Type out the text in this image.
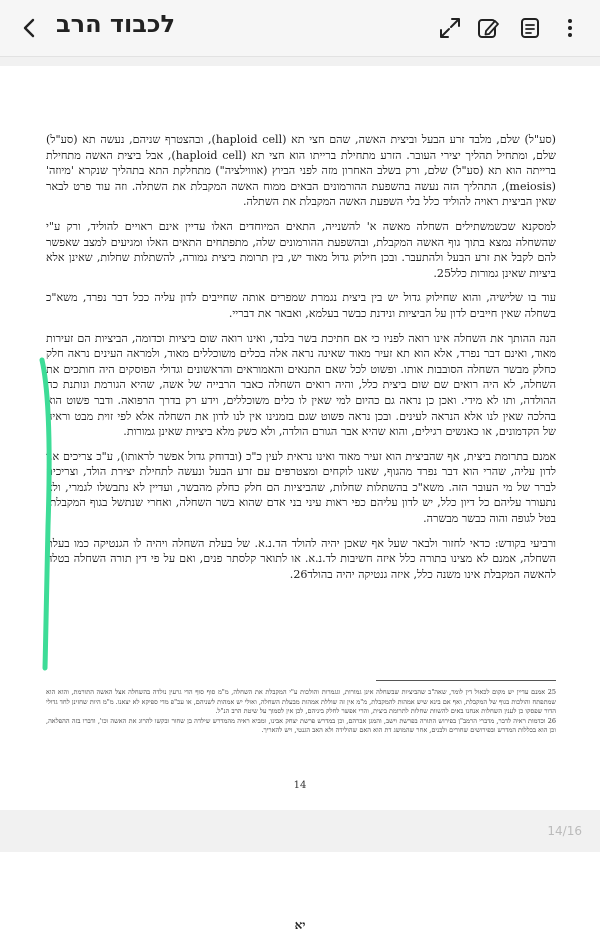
לכבוד הרב

(סע"ל) שלם, מלבד זרע הבעל וביצית האשה, שהם חצי תא (haploid cell), ובהצטרף שניהם, נעשה תא (סע"ל) שלם, ומתחיל תהליך יצירי העובר. הזרע מתחילת ברייתו הוא חצי תא (haploid cell), אבל ביצית האשה מתחילת ברייתה הוא תא (סע"ל) שלם, ורק בשלב האחרון מזה לפני הביוץ (אוווילציה") מתחלקת התא בתהליך שנקרא 'מיוזה' (meiosis), התהליך הזה נעשה בהשפעת ההורמונים הבאים ממוח האשה המקבלת את השתלה. וזה עוד פרט לבאר שאין הביצית ראויה להוליד כלל בלי השפעת האשה המקבלת את השתלה.

למסקנא שכשמשתילים השחלה מאשה א' להשנייה, התאים המיוחדים האלו עדיין אינם ראויים להוליד, ורק ע"י שהשחלה נמצא בתוך גוף האשה המקבלת, ובהשפעת ההורמונים שלה, מתפתחים התאים האלו ומגיעים למצב שאפשר להם לקבל את זרע הבעל ולהתעבר. ובכן חילוק גדול מאוד יש, בין תרומת ביצית גמורה, להשתלות שחלות, שאינן אלא ביציות שאינן גמורות כלל25.

עוד בו שלישיה, והוא שחילוק גדול יש בין ביצית נגמרת שמפרים אותה שחייבים לדון עליה ככל דבר נפרד, משא"כ בשחלה שאין חייבים לדון על הביציות ונידנת כבשר בעלמא, ואבאר את דבריי.

הנה ההותך את השחלה אינו רואה לפניו כי אם חתיכת בשר בלבד, ואינו רואה שום ביציות וכדומה, הביציות הם זעירות מאוד, ואינם דבר נפרד, אלא הוא תא זעיר מאוד שאינה נראה אלה בכלים משוכללים מאוד, ולמראה העינים נראה חלק כחלק מבשר השחלה הסובבות אותו. ופשוט לכל שאם התנאים והאמוראים והראשונים וגדולי הפוסקים היה חותכים את השחלה, לא היה רואים שם שום ביצית כלל, והיה רואים השחלה כאבר הרבייה של אשה, שהיא הגורמת ונותנת כח ההולדה, ותו לא מידי. ואכן כן נראה גם כהיום למי שאין לו כלים משוכללים, וידע רק בדרך הרפואה. ודבר פשוט הוא בהלכה שאין לנו אלא הנראה לעינים. ובכן נראה פשוט שגם בזמנינו אין לנו לדון את השחלה אלא לפי זוית מבט וראיה של הקדמונים, או כאנשים רגילים, והוא שהיא אבר הגורם הולדה, ולא כשק מלא ביציות שאינן גמורות.

אמנם בתרומת ביצית, אף שהביצית הוא זעיר מאוד ואינו נראית לעין כ"כ (ובדוחק גדול אפשר לראותו), ע"כ צריכים אנו לדון עליה, שהרי הוא דבר נפרד מהגוף, שאנו לוקחים ומצטרפים עם זרע הבעל ונעשה לתחילת יצירת הולד, וצריכים לברר של מי העובר הזה. משא"כ בהשתלות שחלות, שהביציות הם חלק כחלק מהבשר, ועדיין לא נתבשלו לגמרי, ולא נתעורר עליהם כל דיון כלל, יש לדון עליהם כפי ראות עיני בני אדם שהוא בשר השחלה, ואחרי שנתשל בגוף המקבלת, בטל לגופה והוה כבשר מבשרה.

ורביעי בקודש: כדאי לחזור ולבאר שעל אף שאכן יהיה להולד הד.נ.א. של בעלת השחלה ויהיה לו הגנטיקה כמו בעלת השחלה, אמנם לא מצינו בתורה כלל איזה חשיבות לד.נ.א. או לתואר קלסתר פנים, ואם על פי דין תורה השחלה בטלה להאשה המקבלת אינו משנה כלל, איזה גנטיקה יהיה בהולד26.

25 אמנם עדיין יש מקום לכאול דין לומר, שאה"ב שהביציות שבשחלה אינן גמורות, וגגמרות והולכות ע"י המקבלת את השחלה, מ"מ סוף סוף הדי גרעין נולדה בהשחלה אצל האשה התורמת, והוא הוא שמתפתח והולכות בגוף של המקבלת, ואף אם בינא שיש אמהות להמקבלת, מ"מ אין זה שוללת אמהות מבעלת השחלה, ואולי יש אמהות לשניהם, או עכ"פ מדי ספיקא לא יצאנו. מ"מ היות שחזינן לחד גדולי הדור שפסקו כן לענין השחלות אנחנו באים להשוות שחלות לתרומת ביצית, והרי אפשר לחלק ביניהם, לכן אין לסמוך על שיטת הרב הנ"ל.
26 וכדמות ראיה לדבר, מדברי הרמב"ן בפירוש התורה בפרשת וישב, והמגן אברהם, וכן במדרש פרשת יצחק אבינו, ומביא ראיה מהמדרש שילדה בן שחור ובקשו להרוג את האשה וכו', ודברו בזה ההפלאה, וכן הוא בכללות המדרש ובפירושים שחורים ולבנים, אחר שהמושג דת הוא האם שהולידה ולא האב הגנטי, ויש להאריך.
14
14/16
יא
